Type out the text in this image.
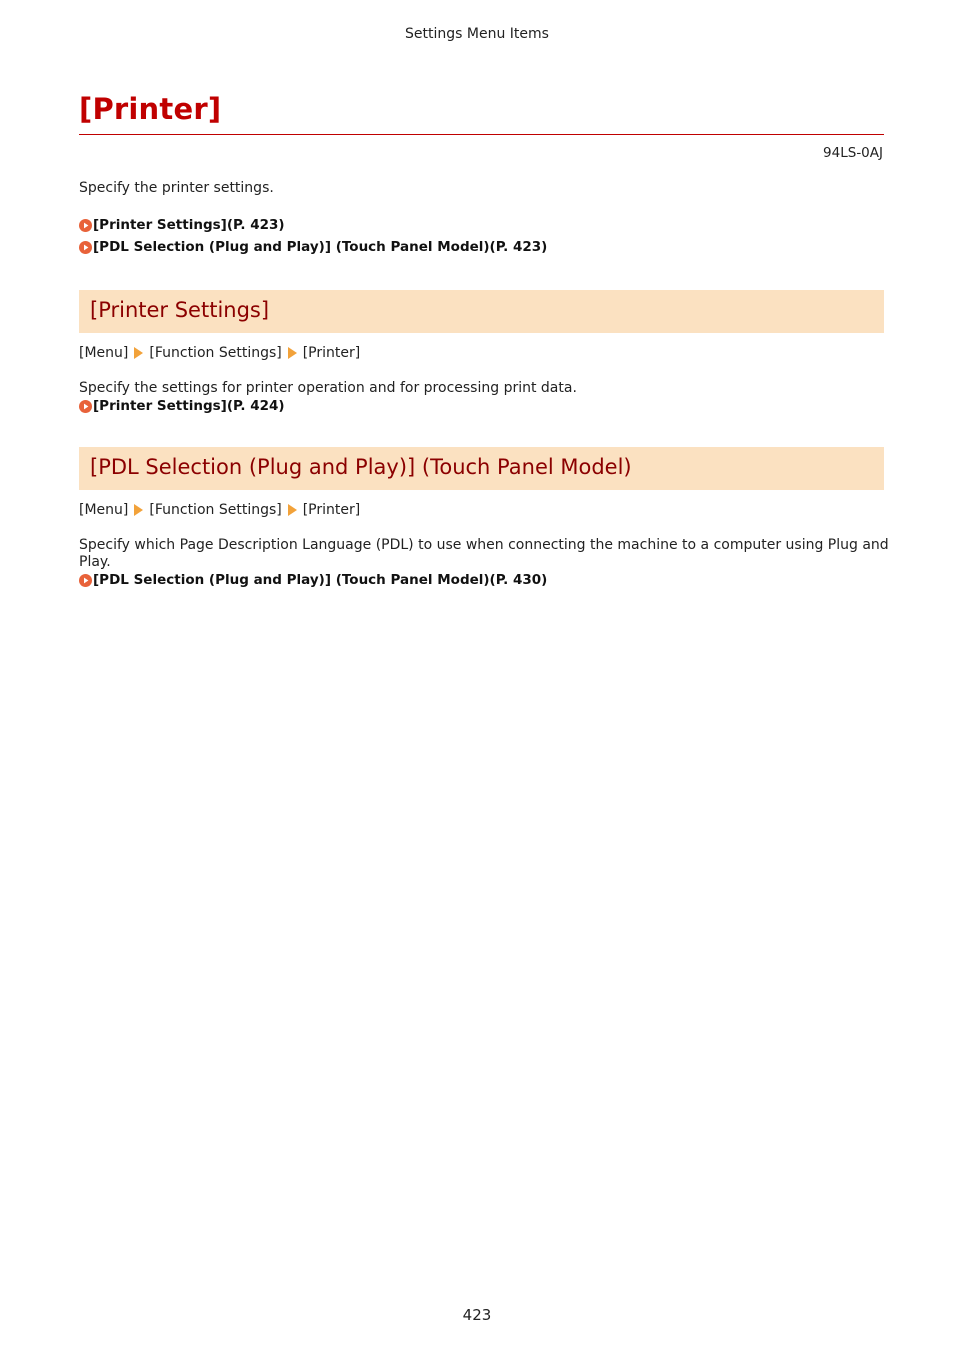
Settings Menu Items
[Printer]
94LS-0AJ
Specify the printer settings.
[Printer Settings](P. 423)
[PDL Selection (Plug and Play)] (Touch Panel Model)(P. 423)
[Printer Settings]
[Menu] [Function Settings] [Printer]
Specify the settings for printer operation and for processing print data.
[Printer Settings](P. 424)
[PDL Selection (Plug and Play)] (Touch Panel Model)
[Menu] [Function Settings] [Printer]
Specify which Page Description Language (PDL) to use when connecting the machine to a computer using Plug and
Play.
[PDL Selection (Plug and Play)] (Touch Panel Model)(P. 430)
423
